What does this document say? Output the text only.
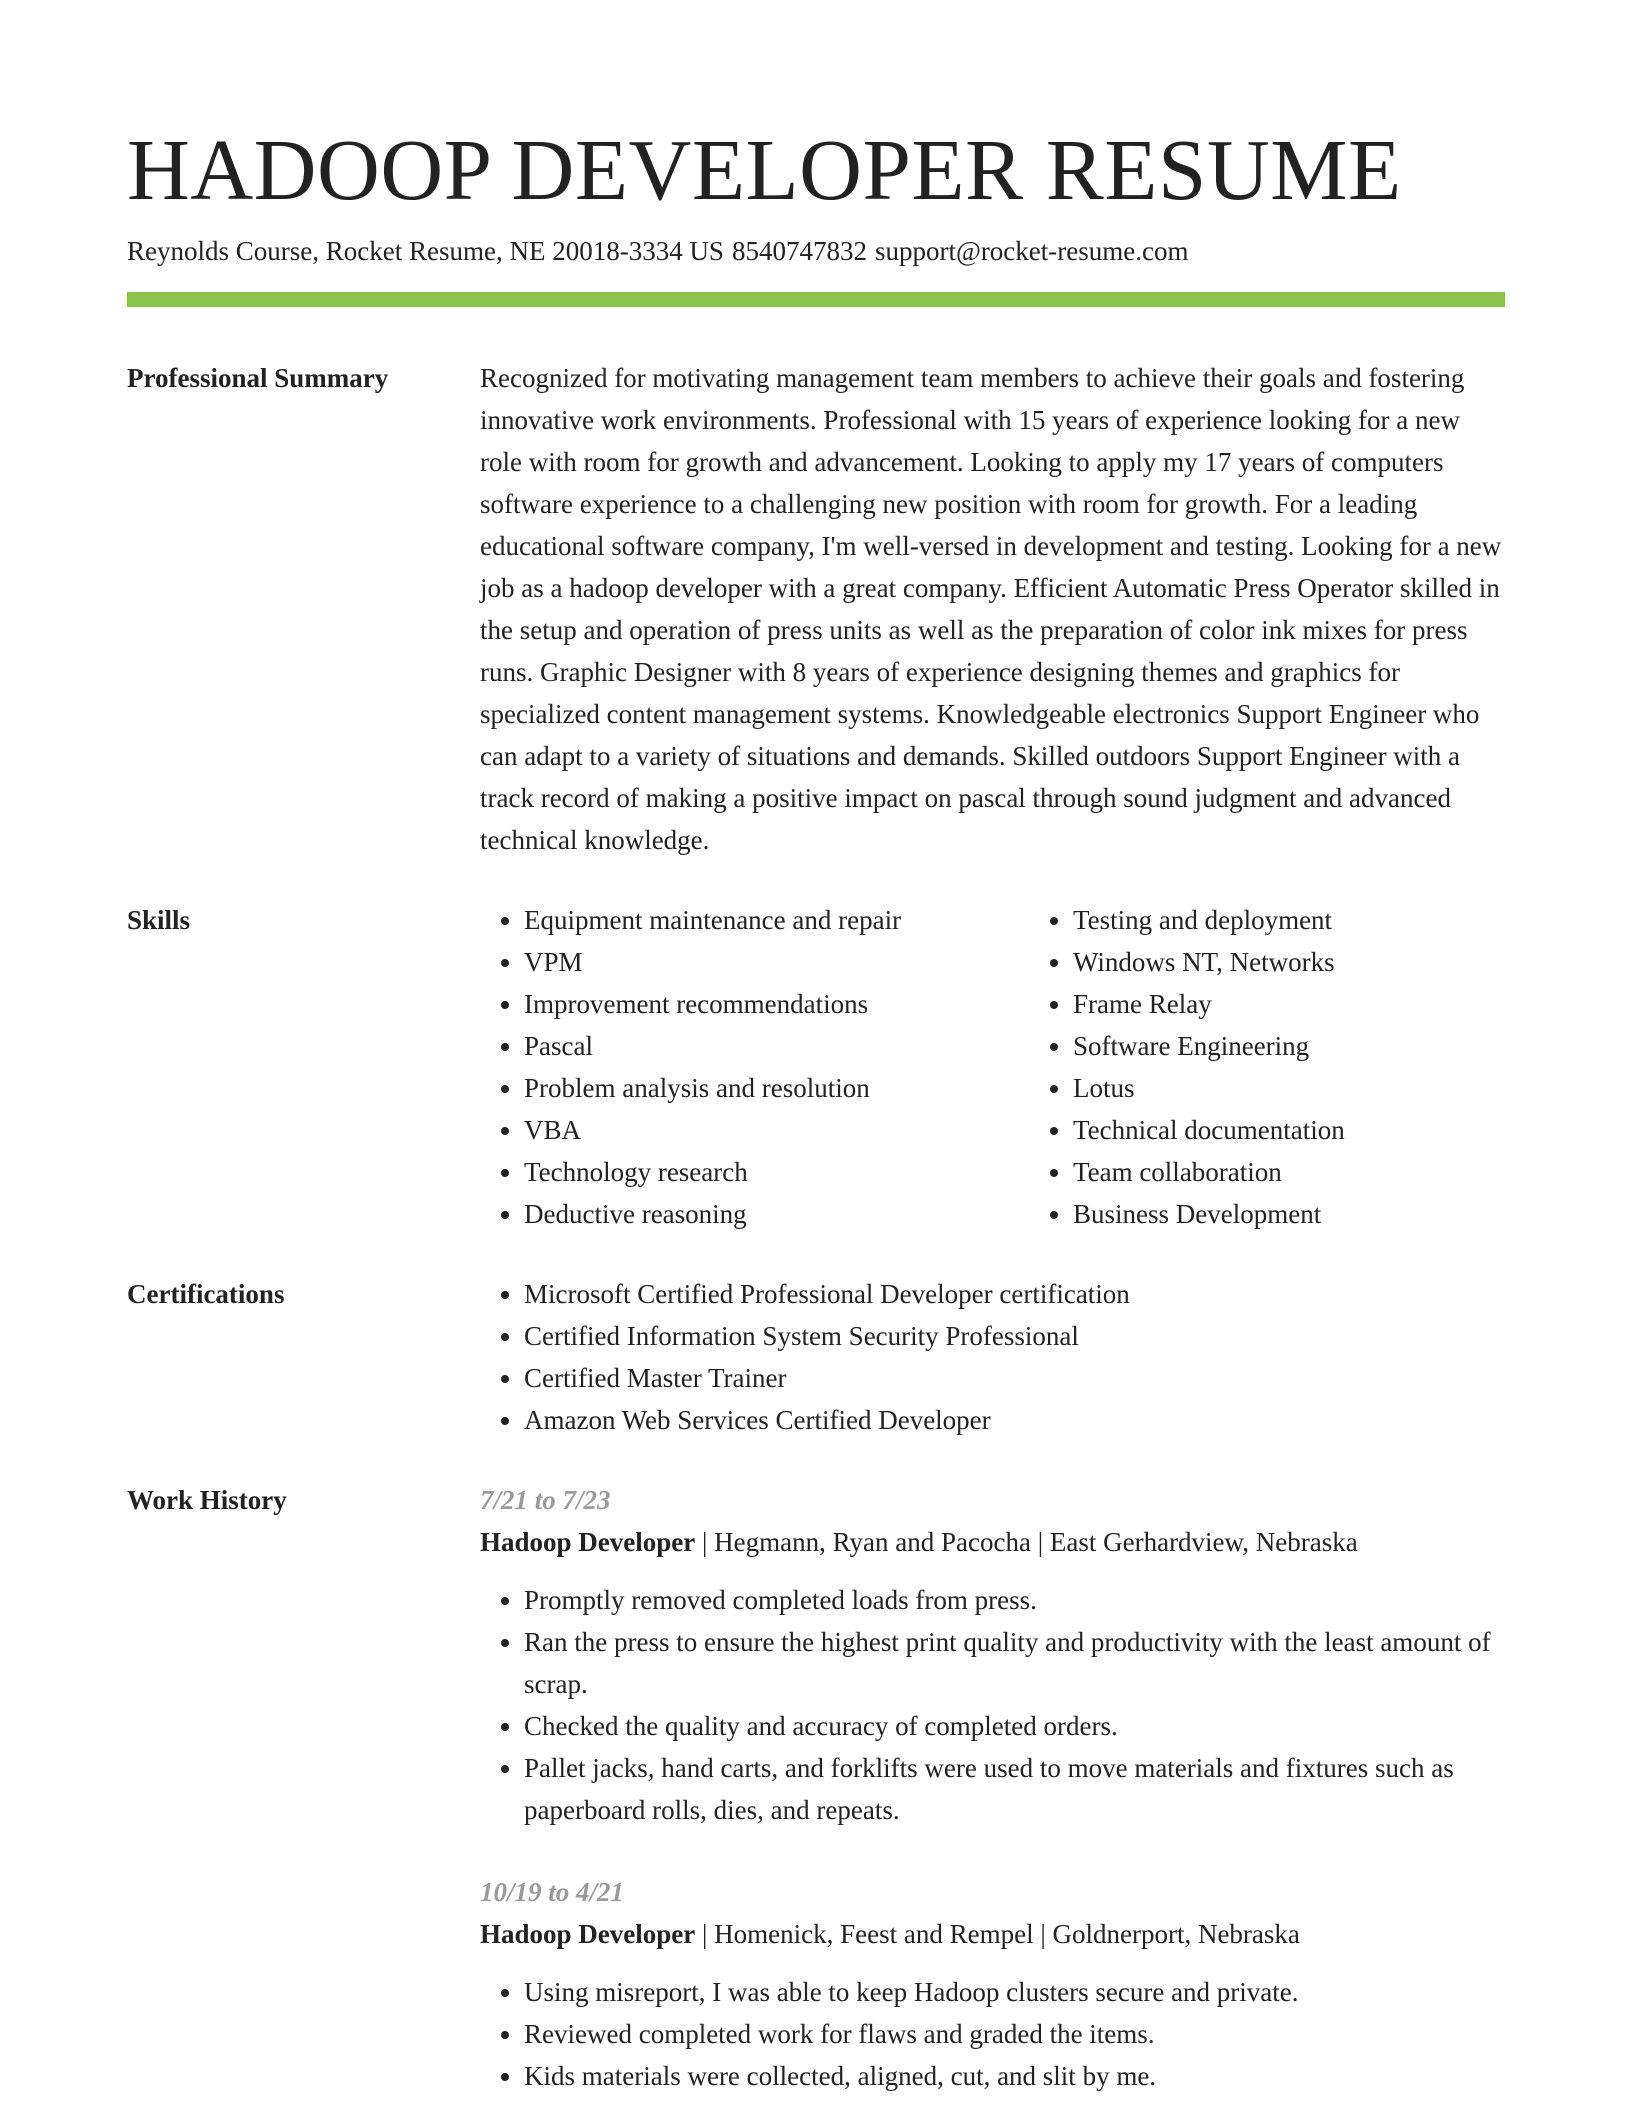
HADOOP DEVELOPER RESUME
Reynolds Course, Rocket Resume, NE 20018-3334 US 8540747832 support@rocket-resume.com
Professional Summary	Recognized for motivating management team members to achieve their goals and fostering innovative work environments. Professional with 15 years of experience looking for a new role with room for growth and advancement. Looking to apply my 17 years of computers software experience to a challenging new position with room for growth. For a leading educational software company, I'm well-versed in development and testing. Looking for a new job as a hadoop developer with a great company. Efficient Automatic Press Operator skilled in the setup and operation of press units as well as the preparation of color ink mixes for press runs. Graphic Designer with 8 years of experience designing themes and graphics for specialized content management systems. Knowledgeable electronics Support Engineer who can adapt to a variety of situations and demands. Skilled outdoors Support Engineer with a track record of making a positive impact on pascal through sound judgment and advanced technical knowledge.

Skills	• Equipment maintenance and repair
• VPM
• Improvement recommendations
• Pascal
• Problem analysis and resolution
• VBA
• Technology research
• Deductive reasoning
• Testing and deployment
• Windows NT, Networks
• Frame Relay
• Software Engineering
• Lotus
• Technical documentation
• Team collaboration
• Business Development
Certifications	• Microsoft Certified Professional Developer certification
• Certified Information System Security Professional
• Certified Master Trainer
• Amazon Web Services Certified Developer
Work History	7/21 to 7/23
Hadoop Developer | Hegmann, Ryan and Pacocha | East Gerhardview, Nebraska
• Promptly removed completed loads from press.
• Ran the press to ensure the highest print quality and productivity with the least amount of scrap.
• Checked the quality and accuracy of completed orders.
• Pallet jacks, hand carts, and forklifts were used to move materials and fixtures such as paperboard rolls, dies, and repeats.
10/19 to 4/21
Hadoop Developer | Homenick, Feest and Rempel | Goldnerport, Nebraska
• Using misreport, I was able to keep Hadoop clusters secure and private.
• Reviewed completed work for flaws and graded the items.
• Kids materials were collected, aligned, cut, and slit by me.
